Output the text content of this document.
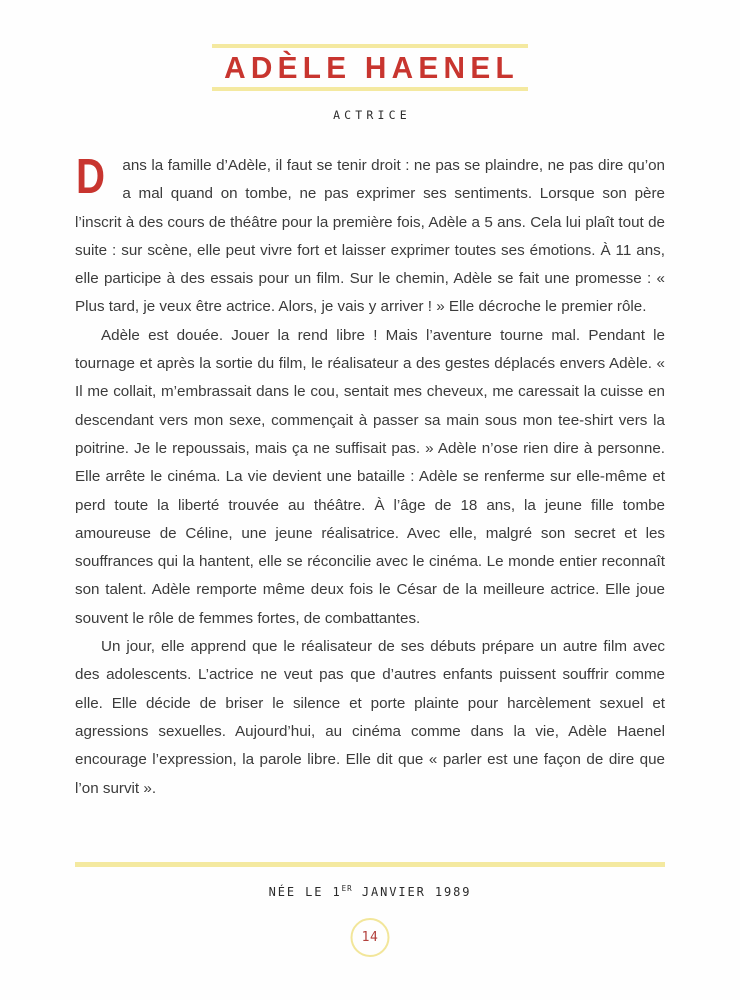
ADÈLE HAENEL
ACTRICE

D ans la famille d’Adèle, il faut se tenir droit : ne pas se plaindre, ne pas dire qu’on a mal quand on tombe, ne pas exprimer ses sentiments. Lorsque son père l’inscrit à des cours de théâtre pour la première fois, Adèle a 5 ans. Cela lui plaît tout de suite : sur scène, elle peut vivre fort et laisser exprimer toutes ses émotions. À 11 ans, elle participe à des essais pour un film. Sur le chemin, Adèle se fait une promesse : « Plus tard, je veux être actrice. Alors, je vais y arriver ! » Elle décroche le premier rôle.

Adèle est douée. Jouer la rend libre ! Mais l’aventure tourne mal. Pendant le tournage et après la sortie du film, le réalisateur a des gestes déplacés envers Adèle. « Il me collait, m’embrassait dans le cou, sentait mes cheveux, me caressait la cuisse en descendant vers mon sexe, commençait à passer sa main sous mon tee-shirt vers la poitrine. Je le repoussais, mais ça ne suffisait pas. » Adèle n’ose rien dire à personne. Elle arrête le cinéma. La vie devient une bataille : Adèle se renferme sur elle-même et perd toute la liberté trouvée au théâtre. À l’âge de 18 ans, la jeune fille tombe amoureuse de Céline, une jeune réalisatrice. Avec elle, malgré son secret et les souffrances qui la hantent, elle se réconcilie avec le cinéma. Le monde entier reconnaît son talent. Adèle remporte même deux fois le César de la meilleure actrice. Elle joue souvent le rôle de femmes fortes, de combattantes.

Un jour, elle apprend que le réalisateur de ses débuts prépare un autre film avec des adolescents. L’actrice ne veut pas que d’autres enfants puissent souffrir comme elle. Elle décide de briser le silence et porte plainte pour harcèlement sexuel et agressions sexuelles. Aujourd’hui, au cinéma comme dans la vie, Adèle Haenel encourage l’expression, la parole libre. Elle dit que « parler est une façon de dire que l’on survit ».

NÉE LE 1ER JANVIER 1989
14
